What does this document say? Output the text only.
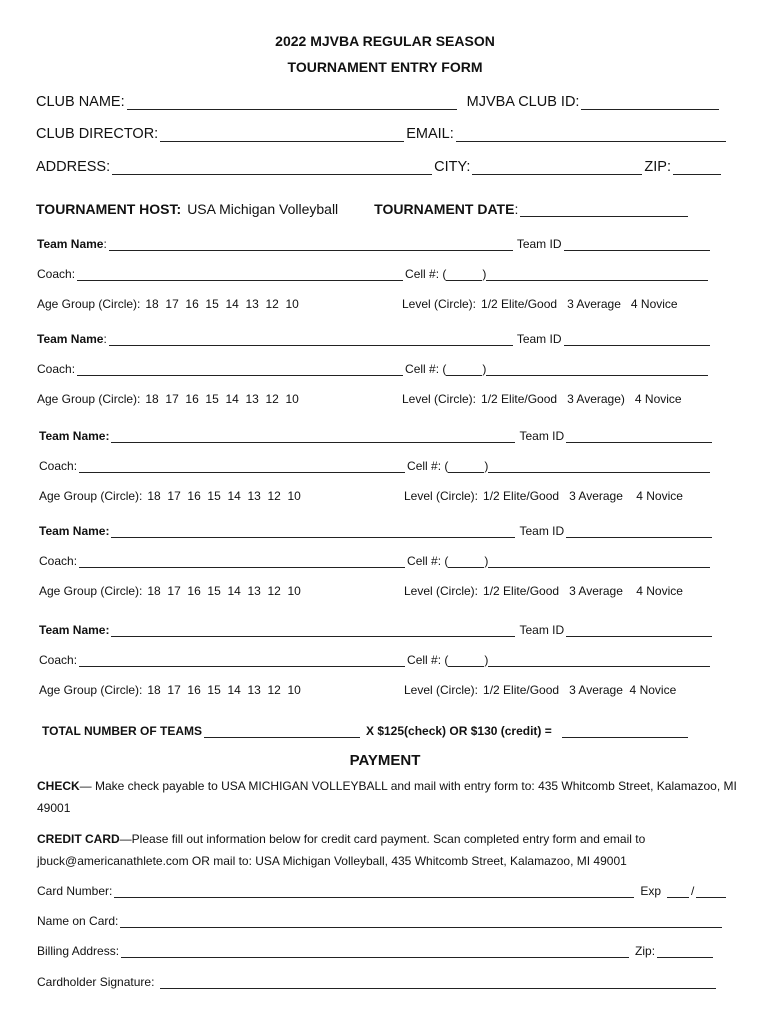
2022 MJVBA REGULAR SEASON
TOURNAMENT ENTRY FORM
CLUB NAME:	MJVBA CLUB ID:
CLUB DIRECTOR:	EMAIL:
ADDRESS:	CITY:	ZIP:
TOURNAMENT HOST: USA Michigan Volleyball	TOURNAMENT DATE :
Team Name :	Team ID
Coach:	Cell #: (	)
Age Group (Circle): 18  17  16  15  14  13  12  10	Level (Circle): 1/2 Elite/Good   3 Average   4 Novice
Team Name :	Team ID
Coach:	Cell #: (	)
Age Group (Circle): 18  17  16  15  14  13  12  10	Level (Circle): 1/2 Elite/Good   3 Average)   4 Novice
Team Name:	Team ID
Coach:	Cell #: (	)
Age Group (Circle): 18  17  16  15  14  13  12  10	Level (Circle): 1/2 Elite/Good   3 Average    4 Novice
Team Name:	Team ID
Coach:	Cell #: (	)
Age Group (Circle): 18  17  16  15  14  13  12  10	Level (Circle): 1/2 Elite/Good   3 Average    4 Novice
Team Name:	Team ID
Coach:	Cell #: (	)
Age Group (Circle): 18  17  16  15  14  13  12  10	Level (Circle): 1/2 Elite/Good   3 Average  4 Novice
TOTAL NUMBER OF TEAMS	X $125(check) OR $130 (credit) =
PAYMENT
CHECK— Make check payable to USA MICHIGAN VOLLEYBALL and mail with entry form to: 435 Whitcomb Street, Kalamazoo, MI 49001
CREDIT CARD—Please fill out information below for credit card payment. Scan completed entry form and email to jbuck@americanathlete.com OR mail to: USA Michigan Volleyball, 435 Whitcomb Street, Kalamazoo, MI 49001
Card Number:	Exp	/
Name on Card:
Billing Address:	Zip:
Cardholder Signature:
